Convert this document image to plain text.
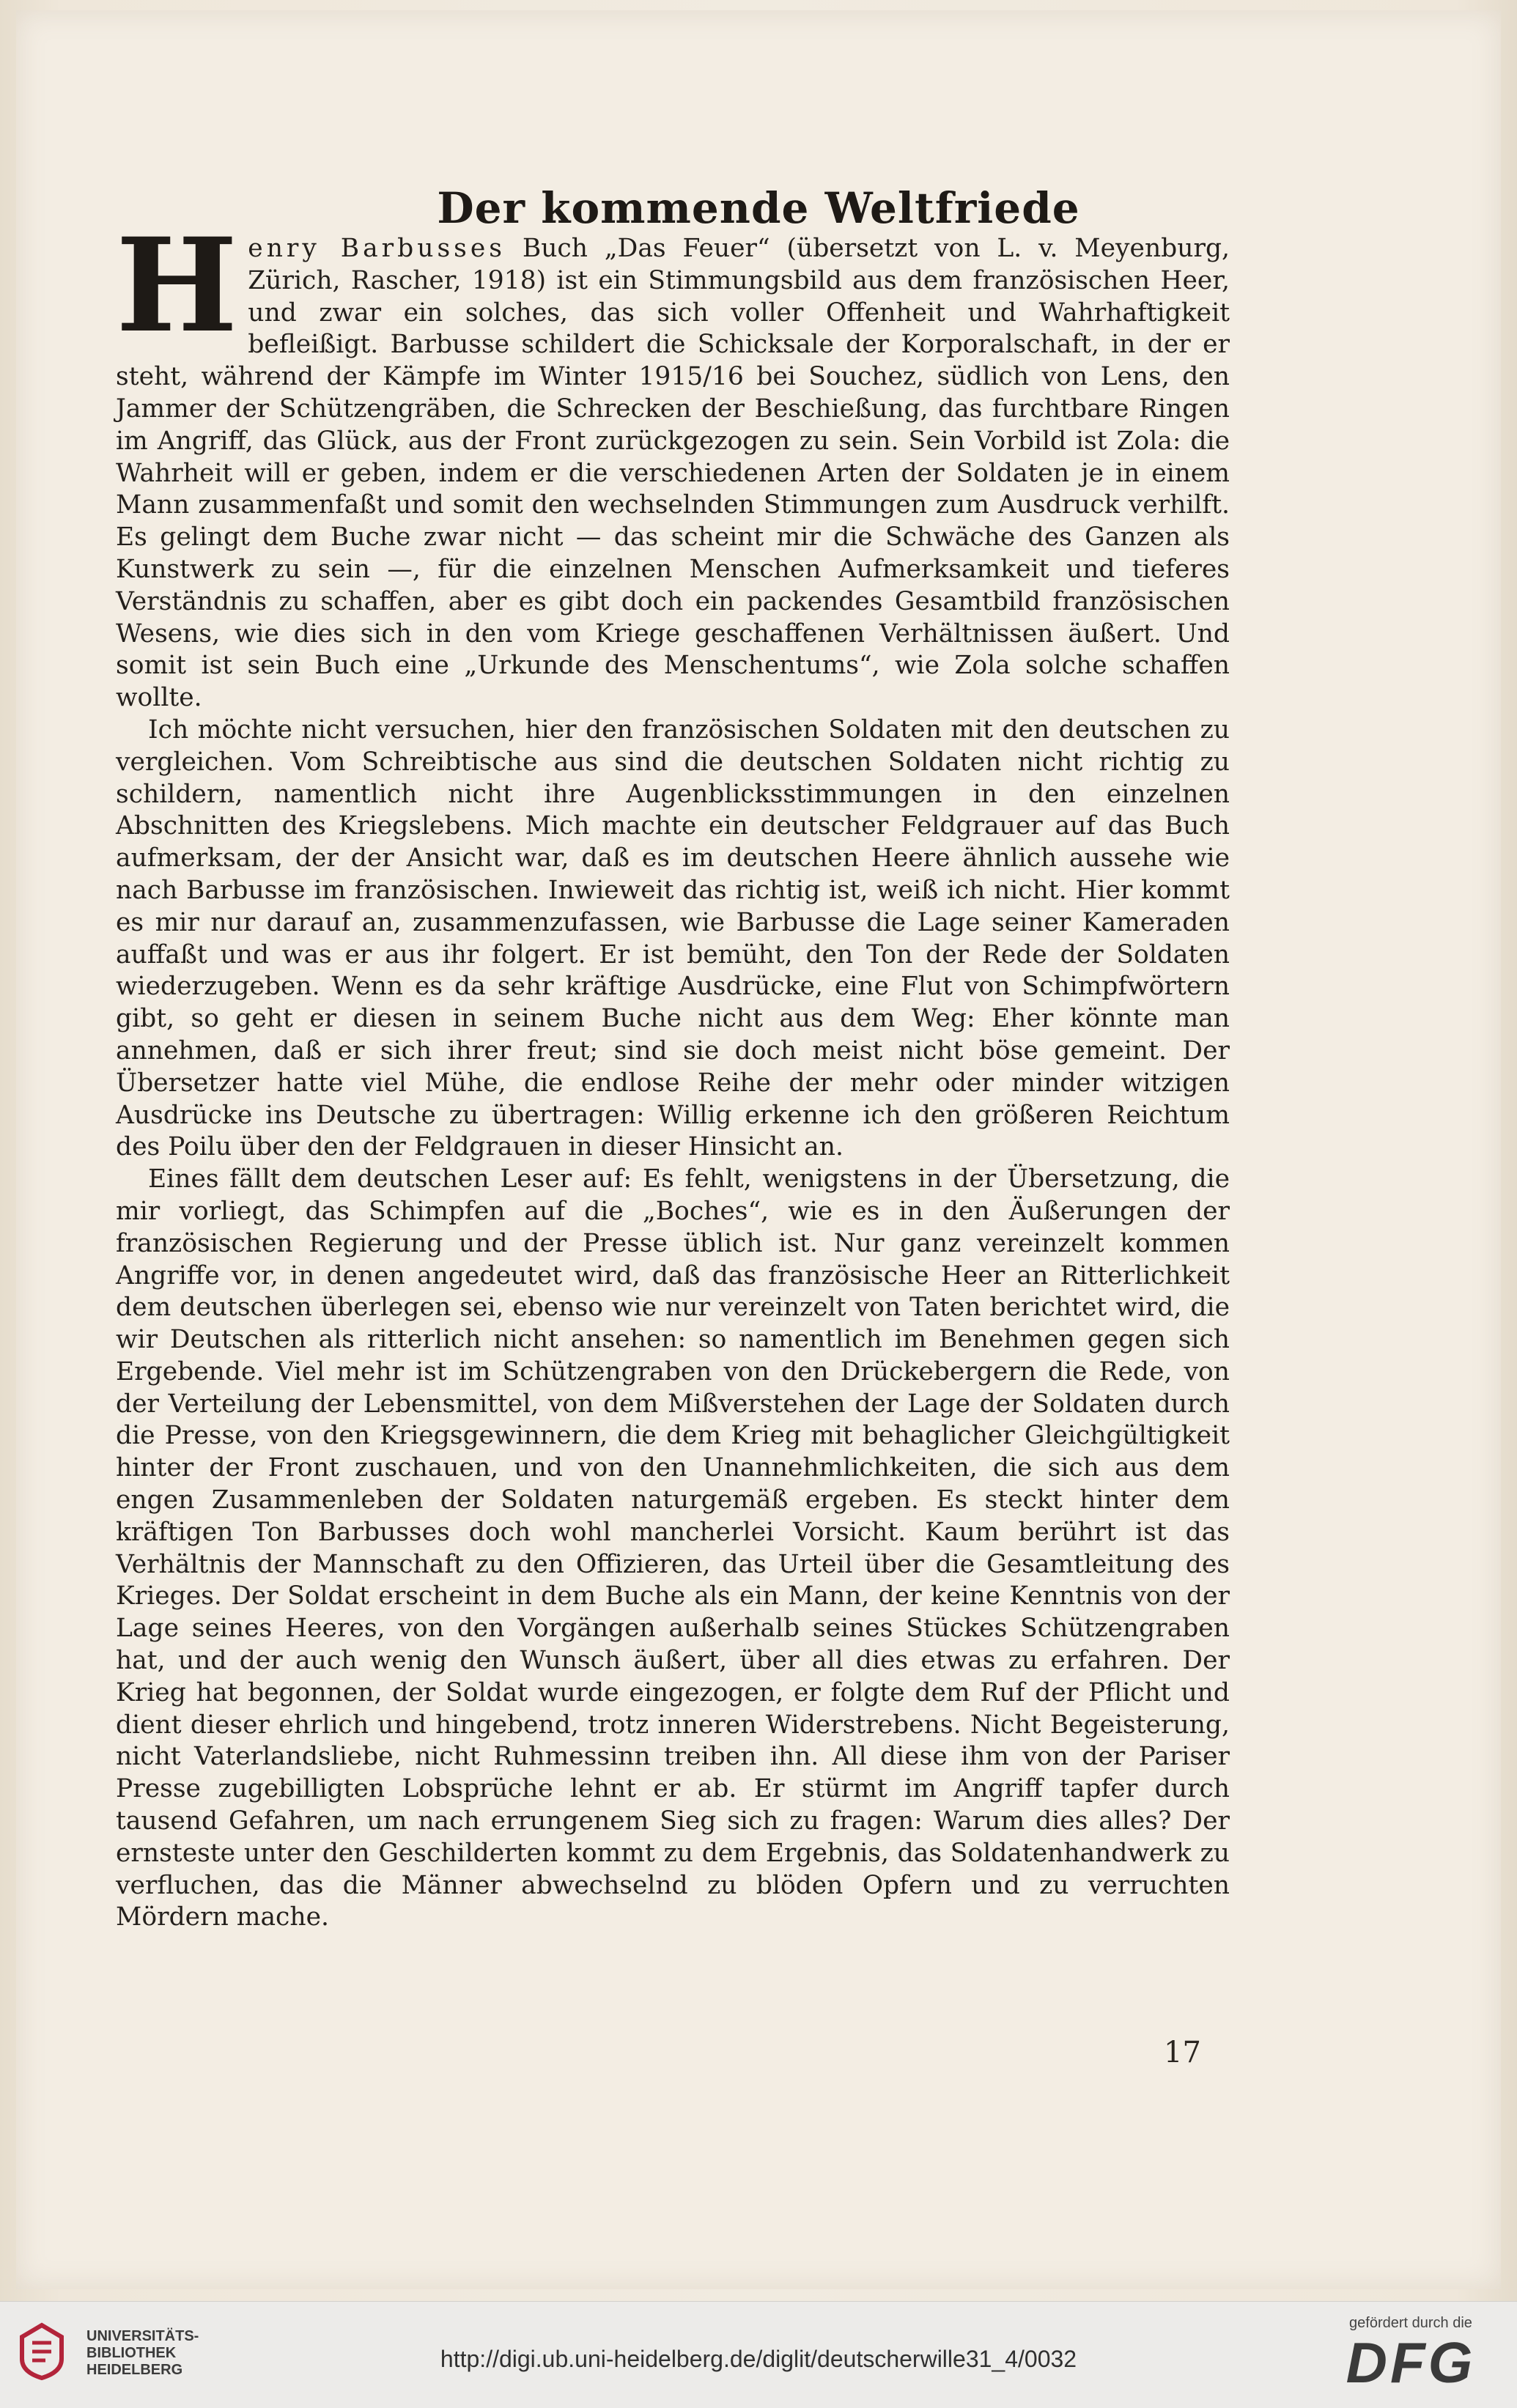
Der kommende Weltfriede

Henry Barbusses Buch „Das Feuer“ (übersetzt von L. v. Meyenburg, Zürich, Rascher, 1918) ist ein Stimmungsbild aus dem französischen Heer, und zwar ein solches, das sich voller Offenheit und Wahrhaftigkeit befleißigt. Barbusse schildert die Schicksale der Korporalschaft, in der er steht, während der Kämpfe im Winter 1915/16 bei Souchez, südlich von Lens, den Jammer der Schützengräben, die Schrecken der Beschießung, das furchtbare Ringen im Angriff, das Glück, aus der Front zurückgezogen zu sein. Sein Vorbild ist Zola: die Wahrheit will er geben, indem er die verschiedenen Arten der Soldaten je in einem Mann zusammenfaßt und somit den wechselnden Stimmungen zum Ausdruck verhilft. Es gelingt dem Buche zwar nicht — das scheint mir die Schwäche des Ganzen als Kunstwerk zu sein —, für die einzelnen Menschen Aufmerksamkeit und tieferes Verständnis zu schaffen, aber es gibt doch ein packendes Gesamtbild französischen Wesens, wie dies sich in den vom Kriege geschaffenen Verhältnissen äußert. Und somit ist sein Buch eine „Urkunde des Menschentums“, wie Zola solche schaffen wollte.

Ich möchte nicht versuchen, hier den französischen Soldaten mit den deutschen zu vergleichen. Vom Schreibtische aus sind die deutschen Soldaten nicht richtig zu schildern, namentlich nicht ihre Augenblicksstimmungen in den einzelnen Abschnitten des Kriegslebens. Mich machte ein deutscher Feldgrauer auf das Buch aufmerksam, der der Ansicht war, daß es im deutschen Heere ähnlich aussehe wie nach Barbusse im französischen. Inwieweit das richtig ist, weiß ich nicht. Hier kommt es mir nur darauf an, zusammenzufassen, wie Barbusse die Lage seiner Kameraden auffaßt und was er aus ihr folgert. Er ist bemüht, den Ton der Rede der Soldaten wiederzugeben. Wenn es da sehr kräftige Ausdrücke, eine Flut von Schimpfwörtern gibt, so geht er diesen in seinem Buche nicht aus dem Weg: Eher könnte man annehmen, daß er sich ihrer freut; sind sie doch meist nicht böse gemeint. Der Übersetzer hatte viel Mühe, die endlose Reihe der mehr oder minder witzigen Ausdrücke ins Deutsche zu übertragen: Willig erkenne ich den größeren Reichtum des Poilu über den der Feldgrauen in dieser Hinsicht an.

Eines fällt dem deutschen Leser auf: Es fehlt, wenigstens in der Übersetzung, die mir vorliegt, das Schimpfen auf die „Boches“, wie es in den Äußerungen der französischen Regierung und der Presse üblich ist. Nur ganz vereinzelt kommen Angriffe vor, in denen angedeutet wird, daß das französische Heer an Ritterlichkeit dem deutschen überlegen sei, ebenso wie nur vereinzelt von Taten berichtet wird, die wir Deutschen als ritterlich nicht ansehen: so namentlich im Benehmen gegen sich Ergebende. Viel mehr ist im Schützengraben von den Drückebergern die Rede, von der Verteilung der Lebensmittel, von dem Mißverstehen der Lage der Soldaten durch die Presse, von den Kriegsgewinnern, die dem Krieg mit behaglicher Gleichgültigkeit hinter der Front zuschauen, und von den Unannehmlichkeiten, die sich aus dem engen Zusammenleben der Soldaten naturgemäß ergeben. Es steckt hinter dem kräftigen Ton Barbusses doch wohl mancherlei Vorsicht. Kaum berührt ist das Verhältnis der Mannschaft zu den Offizieren, das Urteil über die Gesamtleitung des Krieges. Der Soldat erscheint in dem Buche als ein Mann, der keine Kenntnis von der Lage seines Heeres, von den Vorgängen außerhalb seines Stückes Schützengraben hat, und der auch wenig den Wunsch äußert, über all dies etwas zu erfahren. Der Krieg hat begonnen, der Soldat wurde eingezogen, er folgte dem Ruf der Pflicht und dient dieser ehrlich und hingebend, trotz inneren Widerstrebens. Nicht Begeisterung, nicht Vaterlandsliebe, nicht Ruhmessinn treiben ihn. All diese ihm von der Pariser Presse zugebilligten Lobsprüche lehnt er ab. Er stürmt im Angriff tapfer durch tausend Gefahren, um nach errungenem Sieg sich zu fragen: Warum dies alles? Der ernsteste unter den Geschilderten kommt zu dem Ergebnis, das Soldatenhandwerk zu verfluchen, das die Männer abwechselnd zu blöden Opfern und zu verruchten Mördern mache.

17
UNIVERSITÄTS-
BIBLIOTHEK
HEIDELBERG	http://digi.ub.uni-heidelberg.de/diglit/deutscherwille31_4/0032
gefördert durch die
DFG
